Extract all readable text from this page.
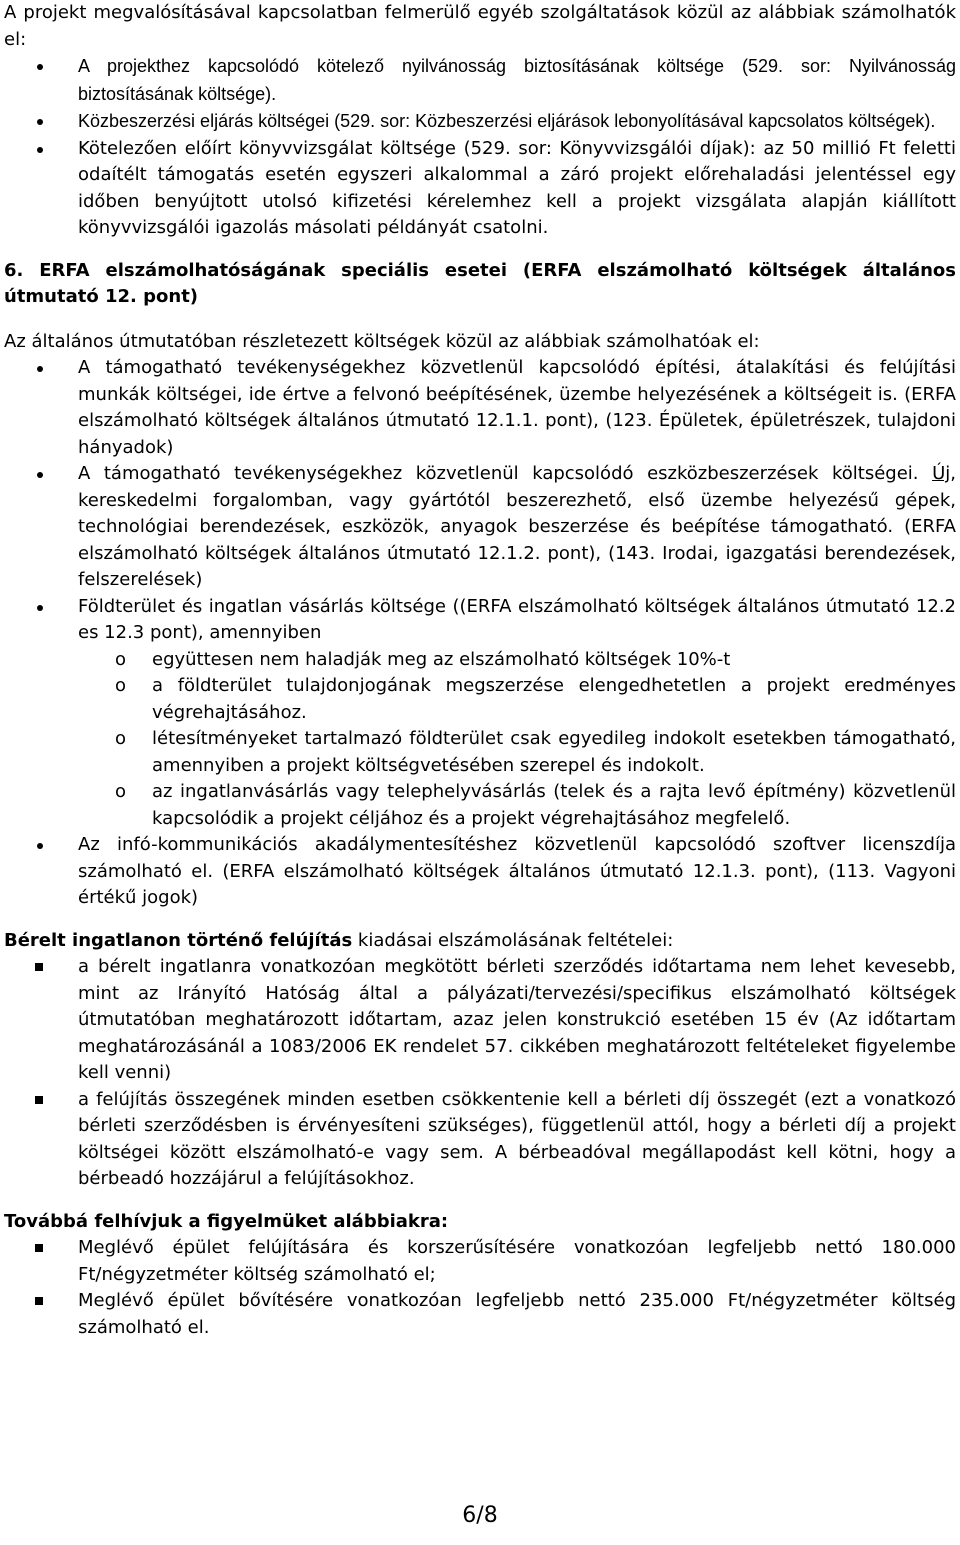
A projekt megvalósításával kapcsolatban felmerülő egyéb szolgáltatások közül az alábbiak számolhatók el:

A projekthez kapcsolódó kötelező nyilvánosság biztosításának költsége (529. sor: Nyilvánosság biztosításának költsége).
Közbeszerzési eljárás költségei (529. sor: Közbeszerzési eljárások lebonyolításával kapcsolatos költségek).
Kötelezően előírt könyvvizsgálat költsége (529. sor: Könyvvizsgálói díjak): az 50 millió Ft feletti odaítélt támogatás esetén egyszeri alkalommal a záró projekt előrehaladási jelentéssel egy időben benyújtott utolsó kifizetési kérelemhez kell a projekt vizsgálata alapján kiállított könyvvizsgálói igazolás másolati példányát csatolni.

6. ERFA elszámolhatóságának speciális esetei (ERFA elszámolható költségek általános útmutató 12. pont)

Az általános útmutatóban részletezett költségek közül az alábbiak számolhatóak el:

A támogatható tevékenységekhez közvetlenül kapcsolódó építési, átalakítási és felújítási munkák költségei, ide értve a felvonó beépítésének, üzembe helyezésének a költségeit is. (ERFA elszámolható költségek általános útmutató 12.1.1. pont), (123. Épületek, épületrészek, tulajdoni hányadok)
A támogatható tevékenységekhez közvetlenül kapcsolódó eszközbeszerzések költségei. Új, kereskedelmi forgalomban, vagy gyártótól beszerezhető, első üzembe helyezésű gépek, technológiai berendezések, eszközök, anyagok beszerzése és beépítése támogatható. (ERFA elszámolható költségek általános útmutató 12.1.2. pont), (143. Irodai, igazgatási berendezések, felszerelések)
Földterület és ingatlan vásárlás költsége ((ERFA elszámolható költségek általános útmutató 12.2 es 12.3 pont), amennyiben
o együttesen nem haladják meg az elszámolható költségek 10%-t
o a földterület tulajdonjogának megszerzése elengedhetetlen a projekt eredményes végrehajtásához.
o létesítményeket tartalmazó földterület csak egyedileg indokolt esetekben támogatható, amennyiben a projekt költségvetésében szerepel és indokolt.
o az ingatlanvásárlás vagy telephelyvásárlás (telek és a rajta levő építmény) közvetlenül kapcsolódik a projekt céljához és a projekt végrehajtásához megfelelő.
Az infó-kommunikációs akadálymentesítéshez közvetlenül kapcsolódó szoftver licenszdíja számolható el. (ERFA elszámolható költségek általános útmutató 12.1.3. pont), (113. Vagyoni értékű jogok)

Bérelt ingatlanon történő felújítás kiadásai elszámolásának feltételei:

a bérelt ingatlanra vonatkozóan megkötött bérleti szerződés időtartama nem lehet kevesebb, mint az Irányító Hatóság által a pályázati/tervezési/specifikus elszámolható költségek útmutatóban meghatározott időtartam, azaz jelen konstrukció esetében 15 év (Az időtartam meghatározásánál a 1083/2006 EK rendelet 57. cikkében meghatározott feltételeket figyelembe kell venni)
a felújítás összegének minden esetben csökkentenie kell a bérleti díj összegét (ezt a vonatkozó bérleti szerződésben is érvényesíteni szükséges), függetlenül attól, hogy a bérleti díj a projekt költségei között elszámolható-e vagy sem. A bérbeadóval megállapodást kell kötni, hogy a bérbeadó hozzájárul a felújításokhoz.

Továbbá felhívjuk a figyelmüket alábbiakra:

Meglévő épület felújítására és korszerűsítésére vonatkozóan legfeljebb nettó 180.000 Ft/négyzetméter költség számolható el;
Meglévő épület bővítésére vonatkozóan legfeljebb nettó 235.000 Ft/négyzetméter költség számolható el.
6/8
